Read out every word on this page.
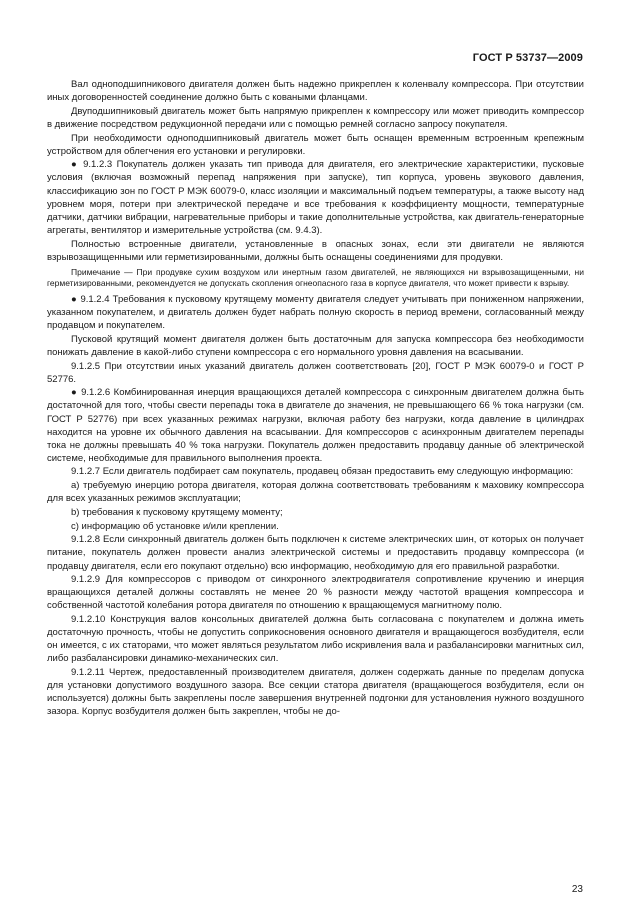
ГОСТ Р 53737—2009

Вал одноподшипникового двигателя должен быть надежно прикреплен к коленвалу компрессора. При отсутствии иных договоренностей соединение должно быть с коваными фланцами.

Двуподшипниковый двигатель может быть напрямую прикреплен к компрессору или может приводить компрессор в движение посредством редукционной передачи или с помощью ремней согласно запросу покупателя.

При необходимости одноподшипниковый двигатель может быть оснащен временным встроенным крепежным устройством для облегчения его установки и регулировки.

● 9.1.2.3 Покупатель должен указать тип привода для двигателя, его электрические характеристики, пусковые условия (включая возможный перепад напряжения при запуске), тип корпуса, уровень звукового давления, классификацию зон по ГОСТ Р МЭК 60079-0, класс изоляции и максимальный подъем температуры, а также высоту над уровнем моря, потери при электрической передаче и все требования к коэффициенту мощности, температурные датчики, датчики вибрации, нагревательные приборы и такие дополнительные устройства, как двигатель-генераторные агрегаты, вентилятор и измерительные устройства (см. 9.4.3).

Полностью встроенные двигатели, установленные в опасных зонах, если эти двигатели не являются взрывозащищенными или герметизированными, должны быть оснащены соединениями для продувки.

Примечание — При продувке сухим воздухом или инертным газом двигателей, не являющихся ни взрывозащищенными, ни герметизированными, рекомендуется не допускать скопления огнеопасного газа в корпусе двигателя, что может привести к взрыву.

● 9.1.2.4 Требования к пусковому крутящему моменту двигателя следует учитывать при пониженном напряжении, указанном покупателем, и двигатель должен будет набрать полную скорость в период времени, согласованный между продавцом и покупателем.

Пусковой крутящий момент двигателя должен быть достаточным для запуска компрессора без необходимости понижать давление в какой-либо ступени компрессора с его нормального уровня давления на всасывании.

9.1.2.5 При отсутствии иных указаний двигатель должен соответствовать [20], ГОСТ Р МЭК 60079-0 и ГОСТ Р 52776.

● 9.1.2.6 Комбинированная инерция вращающихся деталей компрессора с синхронным двигателем должна быть достаточной для того, чтобы свести перепады тока в двигателе до значения, не превышающего 66 % тока нагрузки (см. ГОСТ Р 52776) при всех указанных режимах нагрузки, включая работу без нагрузки, когда давление в цилиндрах находится на уровне их обычного давления на всасывании. Для компрессоров с асинхронным двигателем перепады тока не должны превышать 40 % тока нагрузки. Покупатель должен предоставить продавцу данные об электрической системе, необходимые для правильного выполнения проекта.

9.1.2.7 Если двигатель подбирает сам покупатель, продавец обязан предоставить ему следующую информацию:

a) требуемую инерцию ротора двигателя, которая должна соответствовать требованиям к маховику компрессора для всех указанных режимов эксплуатации;

b) требования к пусковому крутящему моменту;

c) информацию об установке и/или креплении.

9.1.2.8 Если синхронный двигатель должен быть подключен к системе электрических шин, от которых он получает питание, покупатель должен провести анализ электрической системы и предоставить продавцу компрессора (и продавцу двигателя, если его покупают отдельно) всю информацию, необходимую для его правильной разработки.

9.1.2.9 Для компрессоров с приводом от синхронного электродвигателя сопротивление кручению и инерция вращающихся деталей должны составлять не менее 20 % разности между частотой вращения компрессора и собственной частотой колебания ротора двигателя по отношению к вращающемуся магнитному полю.

9.1.2.10 Конструкция валов консольных двигателей должна быть согласована с покупателем и должна иметь достаточную прочность, чтобы не допустить соприкосновения основного двигателя и вращающегося возбудителя, если он имеется, с их статорами, что может являться результатом либо искривления вала и разбалансировки магнитных сил, либо разбалансировки динамико-механических сил.

9.1.2.11 Чертеж, предоставленный производителем двигателя, должен содержать данные по пределам допуска для установки допустимого воздушного зазора. Все секции статора двигателя (вращающегося возбудителя, если он используется) должны быть закреплены после завершения внутренней подгонки для установления нужного воздушного зазора. Корпус возбудителя должен быть закреплен, чтобы не до-

23
